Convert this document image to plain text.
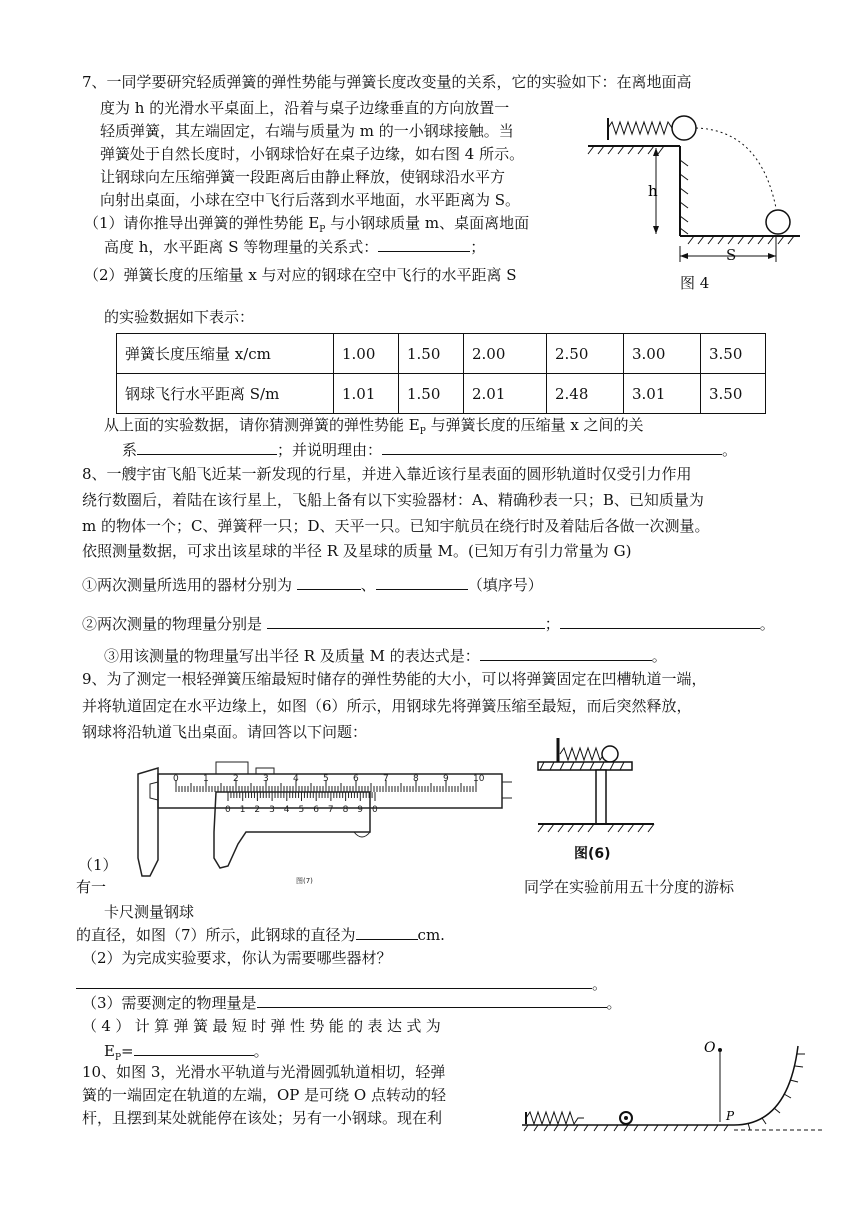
7、一同学要研究轻质弹簧的弹性势能与弹簧长度改变量的关系，它的实验如下：在离地面高
度为 h 的光滑水平桌面上，沿着与桌子边缘垂直的方向放置一
轻质弹簧，其左端固定，右端与质量为 m 的一小钢球接触。当
弹簧处于自然长度时，小钢球恰好在桌子边缘，如右图 4 所示。
让钢球向左压缩弹簧一段距离后由静止释放，使钢球沿水平方
向射出桌面，小球在空中飞行后落到水平地面，水平距离为 S。
（1）请你推导出弹簧的弹性势能 $E_P$ 与小钢球质量 m、桌面离地面
高度 h，水平距离 S 等物理量的关系式：	；
（2）弹簧长度的压缩量 x 与对应的钢球在空中飞行的水平距离 S
的实验数据如下表示：
h
S
图 4
弹簧长度压缩量 x/cm	1.00	1.50	2.00	2.50	3.00	3.50
钢球飞行水平距离 S/m	1.01	1.50	2.01	2.48	3.01	3.50
从上面的实验数据，请你猜测弹簧的弹性势能 $E_P$ 与弹簧长度的压缩量 x 之间的关
系	；并说明理由：	。
8、一艘宇宙飞船飞近某一新发现的行星，并进入靠近该行星表面的圆形轨道时仅受引力作用
绕行数圈后，着陆在该行星上，飞船上备有以下实验器材：A、精确秒表一只；B、已知质量为
m 的物体一个；C、弹簧秤一只；D、天平一只。已知宇航员在绕行时及着陆后各做一次测量。
依照测量数据，可求出该星球的半径 R 及星球的质量 M。(已知万有引力常量为 G)
①两次测量所选用的器材分别为	、	（填序号）
②两次测量的物理量分别是	；	。
③用该测量的物理量写出半径 R 及质量 M 的表达式是：	。
9、为了测定一根轻弹簧压缩最短时储存的弹性势能的大小，可以将弹簧固定在凹槽轨道一端，
并将轨道固定在水平边缘上，如图（6）所示，用钢球先将弹簧压缩至最短，而后突然释放，
钢球将沿轨道飞出桌面。请回答以下问题：
0	1	2	3	4	5	6	7	8	9	10
0 1 2 3 4 5 6 7 8 9 0
图(7)
图(6)
（1）
有一	同学在实验前用五十分度的游标
卡尺测量钢球
的直径，如图（7）所示，此钢球的直径为	cm.
（2）为完成实验要求，你认为需要哪些器材？
。
（3）需要测定的物理量是	。
（4）计算弹簧最短时弹性势能的表达式为
$E_P=$	。
10、如图 3，光滑水平轨道与光滑圆弧轨道相切，轻弹
簧的一端固定在轨道的左端，OP 是可绕 O 点转动的轻
杆，且摆到某处就能停在该处；另有一小钢球。现在利
O
P
